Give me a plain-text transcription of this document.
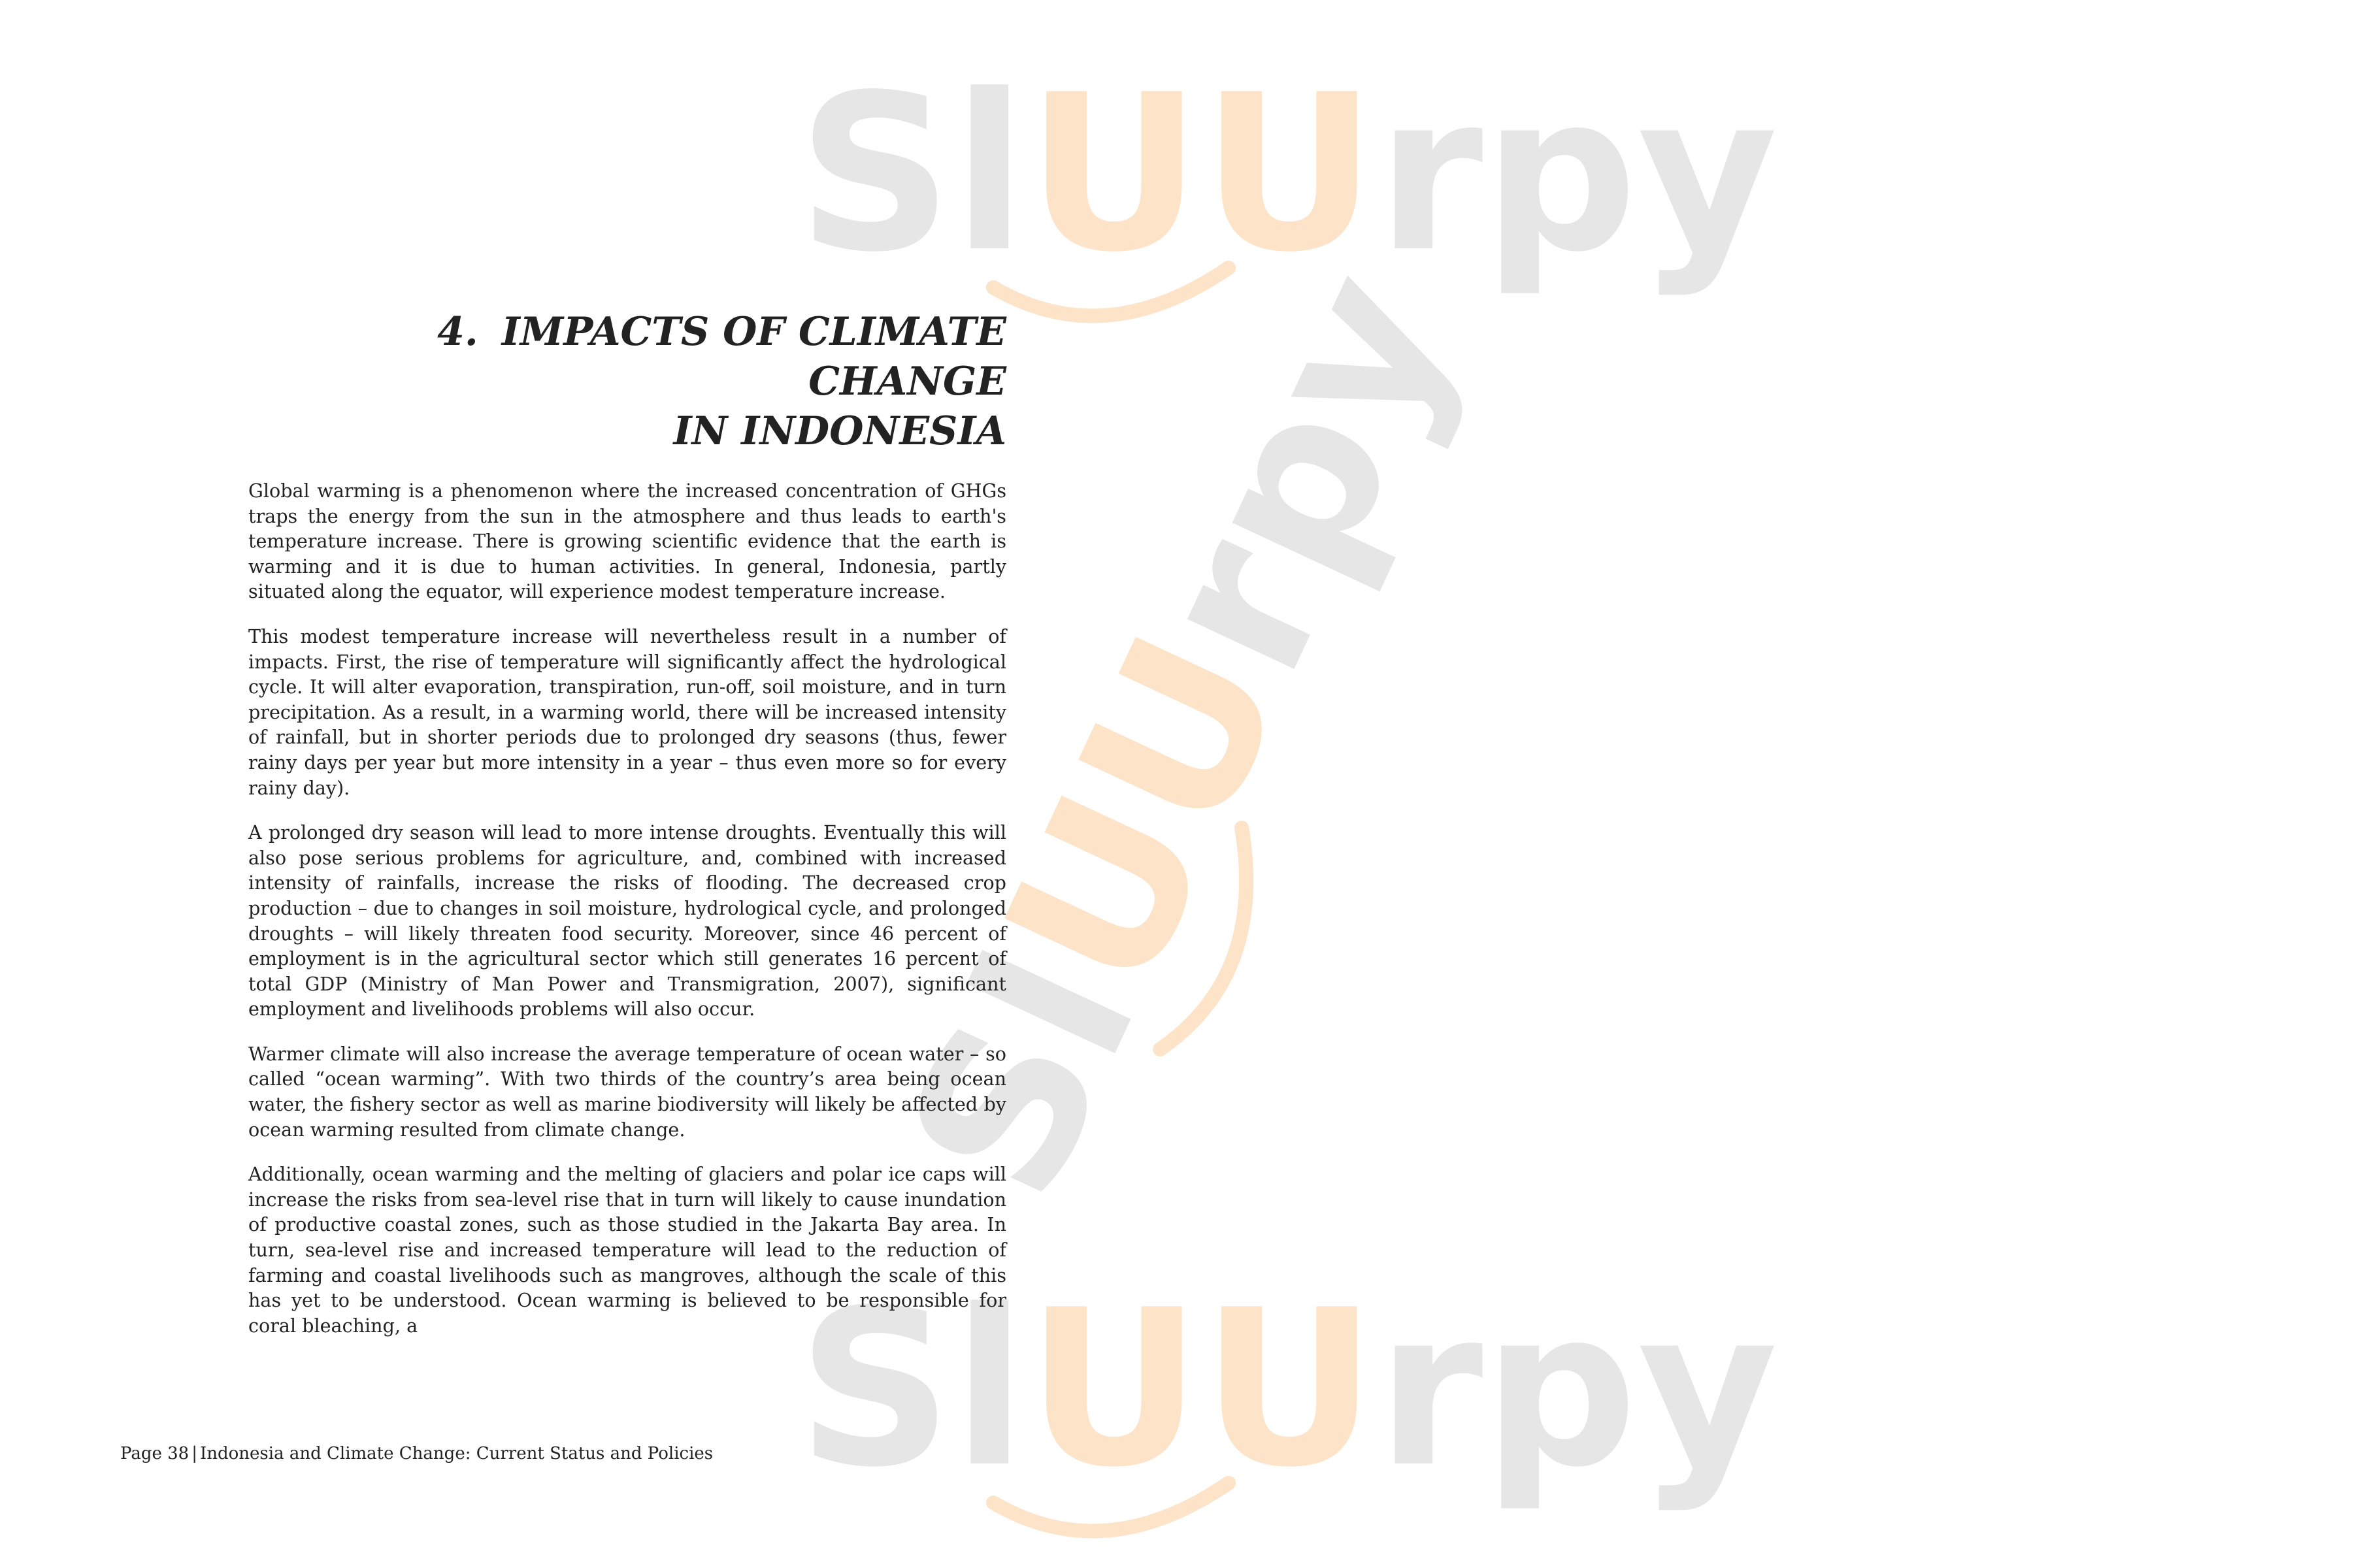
SlUUrpy
SlUUrpy
SlUUrpy
4. IMPACTS OF CLIMATE CHANGE
IN INDONESIA

Global warming is a phenomenon where the increased concentration of GHGs traps the energy from the sun in the atmosphere and thus leads to earth's temperature increase. There is growing scientific evidence that the earth is warming and it is due to human activities. In general, Indonesia, partly situated along the equator, will experience modest temperature increase.

This modest temperature increase will nevertheless result in a number of impacts. First, the rise of temperature will significantly affect the hydrological cycle. It will alter evaporation, transpiration, run-off, soil moisture, and in turn precipitation. As a result, in a warming world, there will be increased intensity of rainfall, but in shorter periods due to prolonged dry seasons (thus, fewer rainy days per year but more intensity in a year – thus even more so for every rainy day).

A prolonged dry season will lead to more intense droughts. Eventually this will also pose serious problems for agriculture, and, combined with increased intensity of rainfalls, increase the risks of flooding. The decreased crop production – due to changes in soil moisture, hydrological cycle, and prolonged droughts – will likely threaten food security. Moreover, since 46 percent of employment is in the agricultural sector which still generates 16 percent of total GDP (Ministry of Man Power and Transmigration, 2007), significant employment and livelihoods problems will also occur.

Warmer climate will also increase the average temperature of ocean water – so called “ocean warming”. With two thirds of the country’s area being ocean water, the fishery sector as well as marine biodiversity will likely be affected by ocean warming resulted from climate change.

Additionally, ocean warming and the melting of glaciers and polar ice caps will increase the risks from sea-level rise that in turn will likely to cause inundation of productive coastal zones, such as those studied in the Jakarta Bay area. In turn, sea-level rise and increased temperature will lead to the reduction of farming and coastal livelihoods such as mangroves, although the scale of this has yet to be understood. Ocean warming is believed to be responsible for coral bleaching, a

Page 38 | Indonesia and Climate Change: Current Status and Policies
